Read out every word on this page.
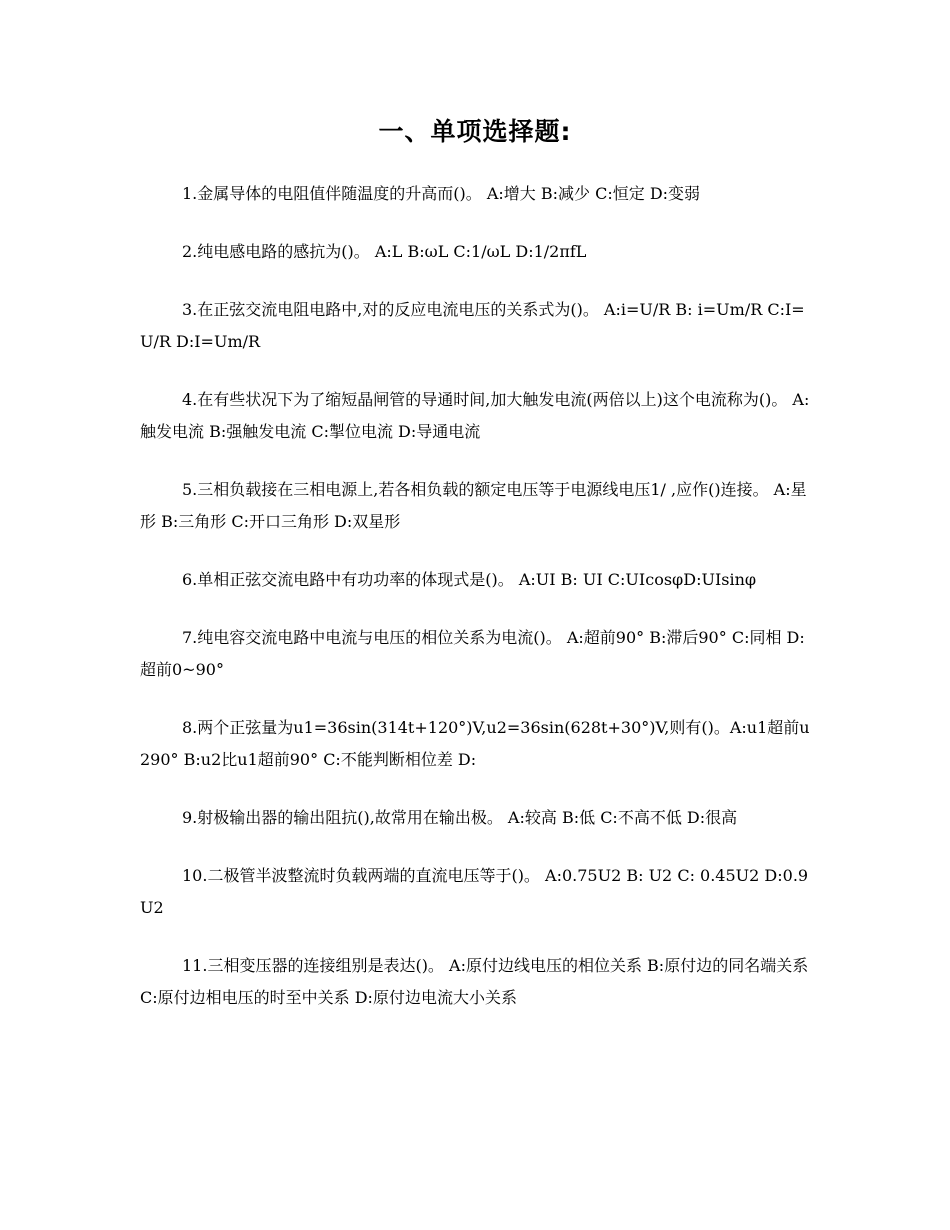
一、单项选择题:

1.金属导体的电阻值伴随温度的升高而()。 A:增大 B:减少 C:恒定 D:变弱

2.纯电感电路的感抗为()。 A:L B:ωL C:1/ωL D:1/2πfL

3.在正弦交流电阻电路中,对的反应电流电压的关系式为()。 A:i=U/R B: i=Um/R C:I=U/R D:I=Um/R

4.在有些状况下为了缩短晶闸管的导通时间,加大触发电流(两倍以上)这个电流称为()。 A:触发电流 B:强触发电流 C:掣位电流 D:导通电流

5.三相负载接在三相电源上,若各相负载的额定电压等于电源线电压1/ ,应作()连接。 A:星形 B:三角形 C:开口三角形 D:双星形

6.单相正弦交流电路中有功功率的体现式是()。 A:UI B: UI C:UIcosφD:UIsinφ

7.纯电容交流电路中电流与电压的相位关系为电流()。 A:超前90° B:滞后90° C:同相 D:超前0~90°

8.两个正弦量为u1=36sin(314t+120°)V,u2=36sin(628t+30°)V,则有()。A:u1超前u290° B:u2比u1超前90° C:不能判断相位差 D:

9.射极输出器的输出阻抗(),故常用在输出极。 A:较高 B:低 C:不高不低 D:很高

10.二极管半波整流时负载两端的直流电压等于()。 A:0.75U2 B: U2 C: 0.45U2 D:0.9U2

11.三相变压器的连接组别是表达()。 A:原付边线电压的相位关系 B:原付边的同名端关系 C:原付边相电压的时至中关系 D:原付边电流大小关系
